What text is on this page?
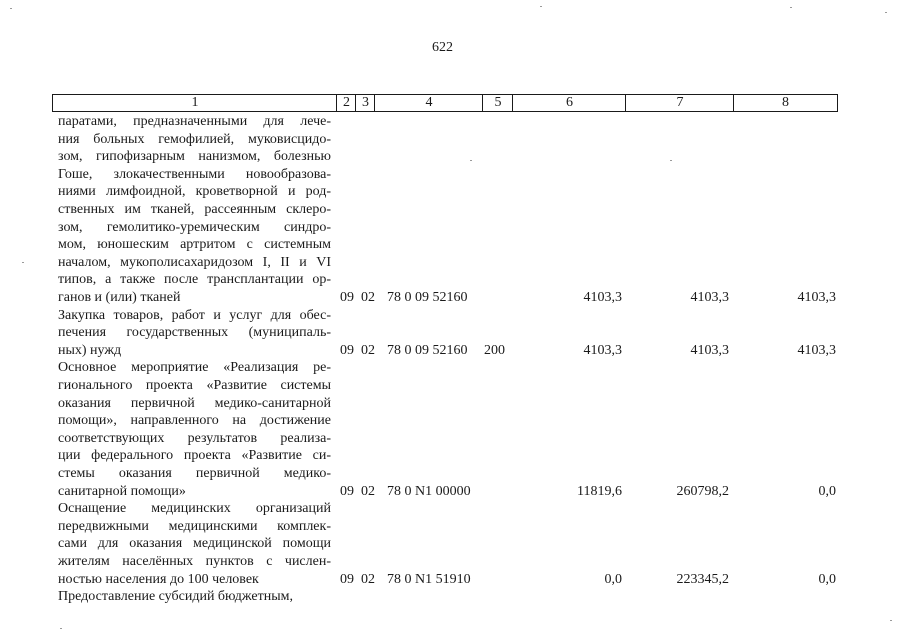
622
1	2 3	4	5	6	7	8
паратами, предназначенными для лече-
ния больных гемофилией, муковисцидо-
зом, гипофизарным нанизмом, болезнью
Гоше, злокачественными новообразова-
ниями лимфоидной, кроветворной и род-
ственных им тканей, рассеянным склеро-
зом, гемолитико-уремическим синдро-
мом, юношеским артритом с системным
началом, мукополисахаридозом I, II и VI
типов, а также после трансплантации ор-
ганов и (или) тканей	09 02 78 0 09 52160	4103,3	4103,3	4103,3
Закупка товаров, работ и услуг для обес-
печения государственных (муниципаль-
ных) нужд	09 02 78 0 09 52160 200	4103,3	4103,3	4103,3
Основное мероприятие «Реализация ре-
гионального проекта «Развитие системы
оказания первичной медико-санитарной
помощи», направленного на достижение
соответствующих результатов реализа-
ции федерального проекта «Развитие си-
стемы оказания первичной медико-
санитарной помощи»	09 02 78 0 N1 00000	11819,6	260798,2	0,0
Оснащение медицинских организаций
передвижными медицинскими комплек-
сами для оказания медицинской помощи
жителям населённых пунктов с числен-
ностью населения до 100 человек	09 02 78 0 N1 51910	0,0	223345,2	0,0
Предоставление субсидий бюджетным,
